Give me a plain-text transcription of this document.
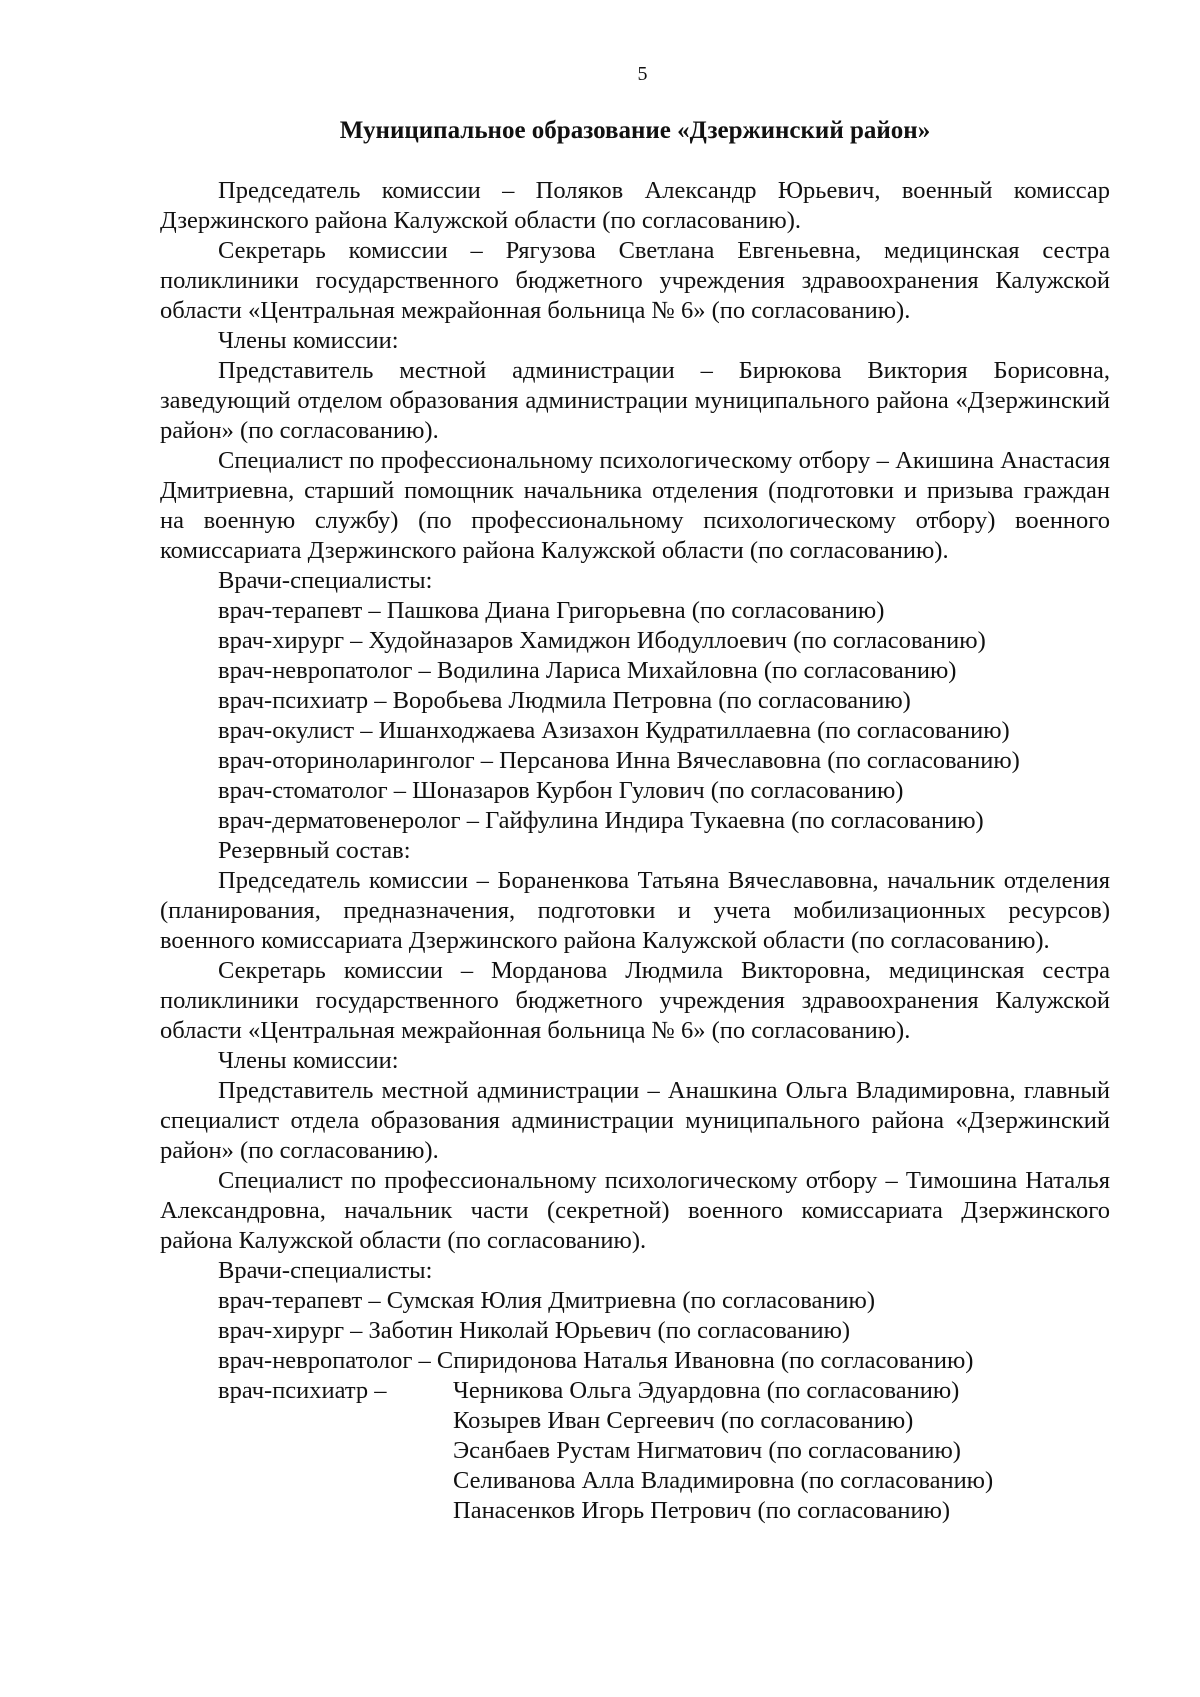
5
Муниципальное образование «Дзержинский район»

Председатель комиссии – Поляков Александр Юрьевич, военный комиссар Дзержинского района Калужской области (по согласованию).

Секретарь комиссии – Рягузова Светлана Евгеньевна, медицинская сестра поликлиники государственного бюджетного учреждения здравоохранения Калужской области «Центральная межрайонная больница № 6» (по согласованию).

Члены комиссии:

Представитель местной администрации – Бирюкова Виктория Борисовна, заведующий отделом образования администрации муниципального района «Дзержинский район» (по согласованию).

Специалист по профессиональному психологическому отбору – Акишина Анастасия Дмитриевна, старший помощник начальника отделения (подготовки и призыва граждан на военную службу) (по профессиональному психологическому отбору) военного комиссариата Дзержинского района Калужской области (по согласованию).

Врачи-специалисты:

врач-терапевт – Пашкова Диана Григорьевна (по согласованию)

врач-хирург – Худойназаров Хамиджон Ибодуллоевич (по согласованию)

врач-невропатолог – Водилина Лариса Михайловна (по согласованию)

врач-психиатр – Воробьева Людмила Петровна (по согласованию)

врач-окулист – Ишанходжаева Азизахон Кудратиллаевна (по согласованию)

врач-оториноларинголог – Персанова Инна Вячеславовна (по согласованию)

врач-стоматолог – Шоназаров Курбон Гулович (по согласованию)

врач-дерматовенеролог – Гайфулина Индира Тукаевна (по согласованию)

Резервный состав:

Председатель комиссии – Бораненкова Татьяна Вячеславовна, начальник отделения (планирования, предназначения, подготовки и учета мобилизационных ресурсов) военного комиссариата Дзержинского района Калужской области (по согласованию).

Секретарь комиссии – Морданова Людмила Викторовна, медицинская сестра поликлиники государственного бюджетного учреждения здравоохранения Калужской области «Центральная межрайонная больница № 6» (по согласованию).

Члены комиссии:

Представитель местной администрации – Анашкина Ольга Владимировна, главный специалист отдела образования администрации муниципального района «Дзержинский район» (по согласованию).

Специалист по профессиональному психологическому отбору – Тимошина Наталья Александровна, начальник части (секретной) военного комиссариата Дзержинского района Калужской области (по согласованию).

Врачи-специалисты:

врач-терапевт – Сумская Юлия Дмитриевна (по согласованию)

врач-хирург – Заботин Николай Юрьевич (по согласованию)

врач-невропатолог – Спиридонова Наталья Ивановна (по согласованию)

врач-психиатр –	Черникова Ольга Эдуардовна (по согласованию)
Козырев Иван Сергеевич (по согласованию)
Эсанбаев Рустам Нигматович (по согласованию)
Селиванова Алла Владимировна (по согласованию)
Панасенков Игорь Петрович (по согласованию)
